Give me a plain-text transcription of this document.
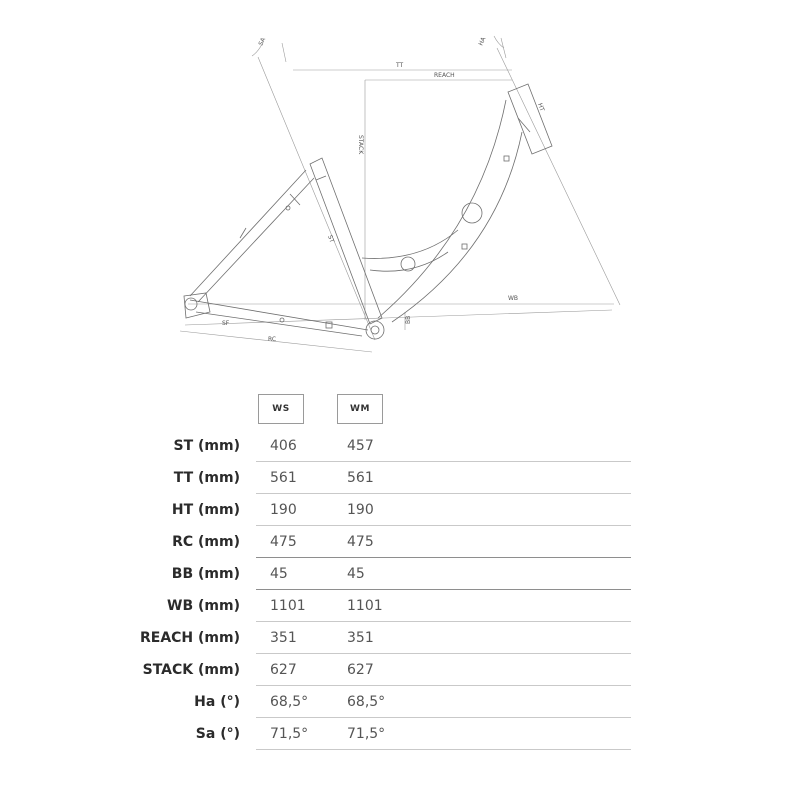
SA	HA
TT
REACH
STACK
HT
ST
WB
RC
BB
SF
WS	WM
ST (mm) 406	457
TT (mm) 561	561
HT (mm) 190	190
RC (mm) 475	475
BB (mm) 45	45
WB (mm) 1101	1101
REACH (mm) 351	351
STACK (mm) 627	627
Ha (°) 68,5°	68,5°
Sa (°) 71,5°	71,5°
